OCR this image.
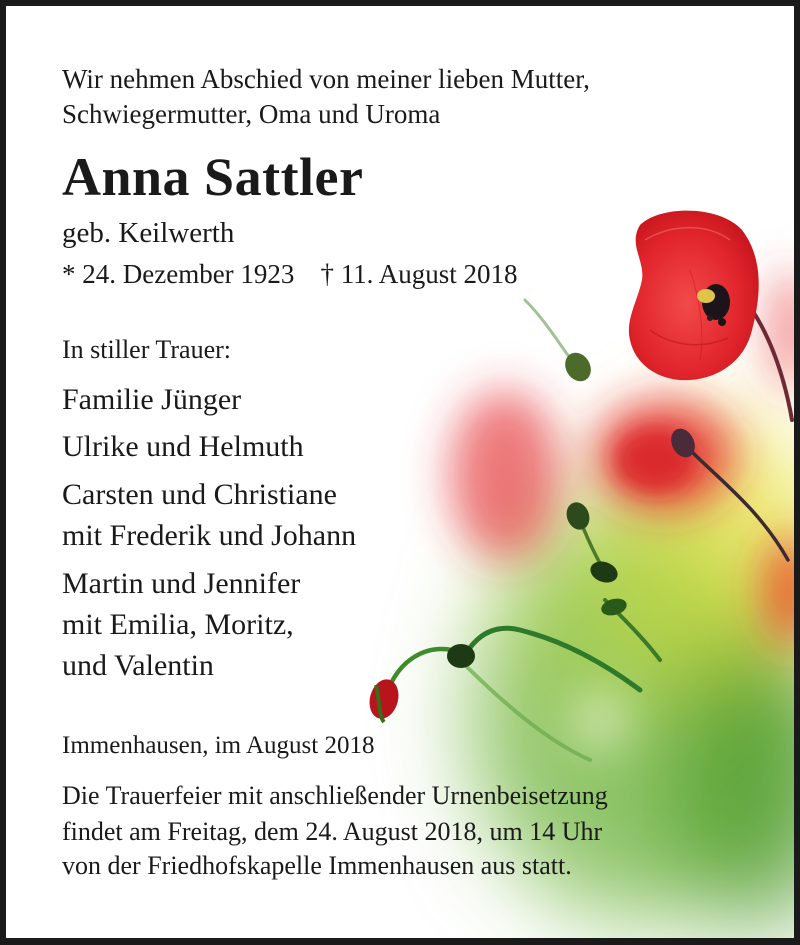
Wir nehmen Abschied von meiner lieben Mutter,
Schwiegermutter, Oma und Uroma
Anna Sattler
geb. Keilwerth
* 24. Dezember 1923 † 11. August 2018
In stiller Trauer:
Familie Jünger
Ulrike und Helmuth
Carsten und Christiane
mit Frederik und Johann
Martin und Jennifer
mit Emilia, Moritz,
und Valentin
Immenhausen, im August 2018
Die Trauerfeier mit anschließender Urnenbeisetzung
findet am Freitag, dem 24. August 2018, um 14 Uhr
von der Friedhofskapelle Immenhausen aus statt.
